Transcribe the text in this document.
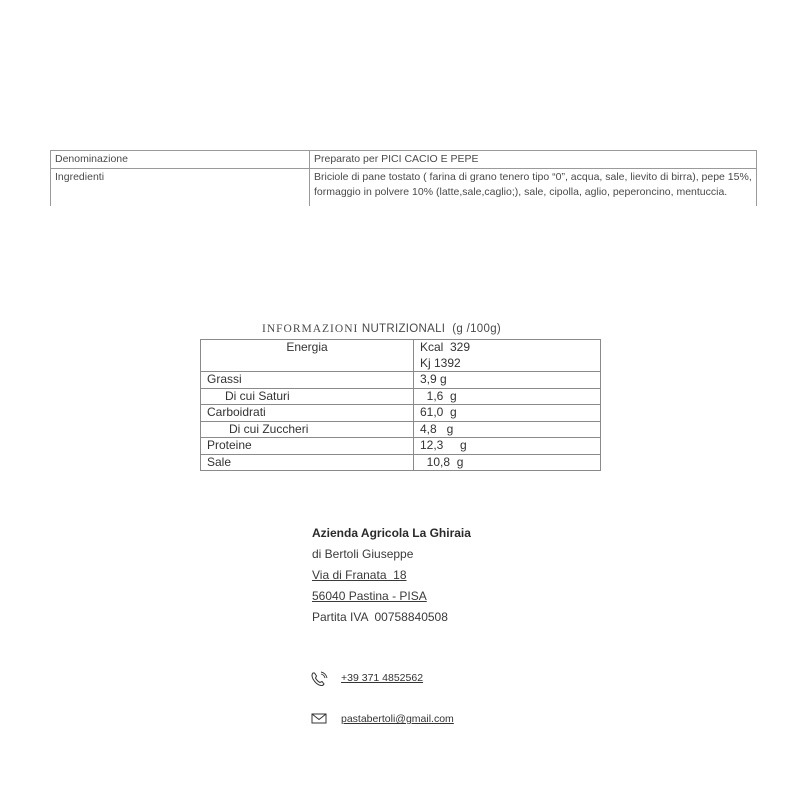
Denominazione	Preparato per PICI CACIO E PEPE
Ingredienti	Briciole di pane tostato ( farina di grano tenero tipo “0”, acqua, sale, lievito di birra), pepe 15%, formaggio in polvere 10% (latte,sale,caglio;), sale, cipolla, aglio, peperoncino, mentuccia.
INFORMAZIONI NUTRIZIONALI  (g /100g)
Energia	Kcal  329
Kj 1392

Grassi	3,9 g
Di cui Saturi	1,6  g
Carboidrati	61,0  g
Di cui Zuccheri	4,8   g
Proteine	12,3     g
Sale	10,8  g
Azienda Agricola La Ghiraia
di Bertoli Giuseppe
Via di Franata  18
56040 Pastina - PISA
Partita IVA  00758840508
+39 371 4852562
pastabertoli@gmail.com
